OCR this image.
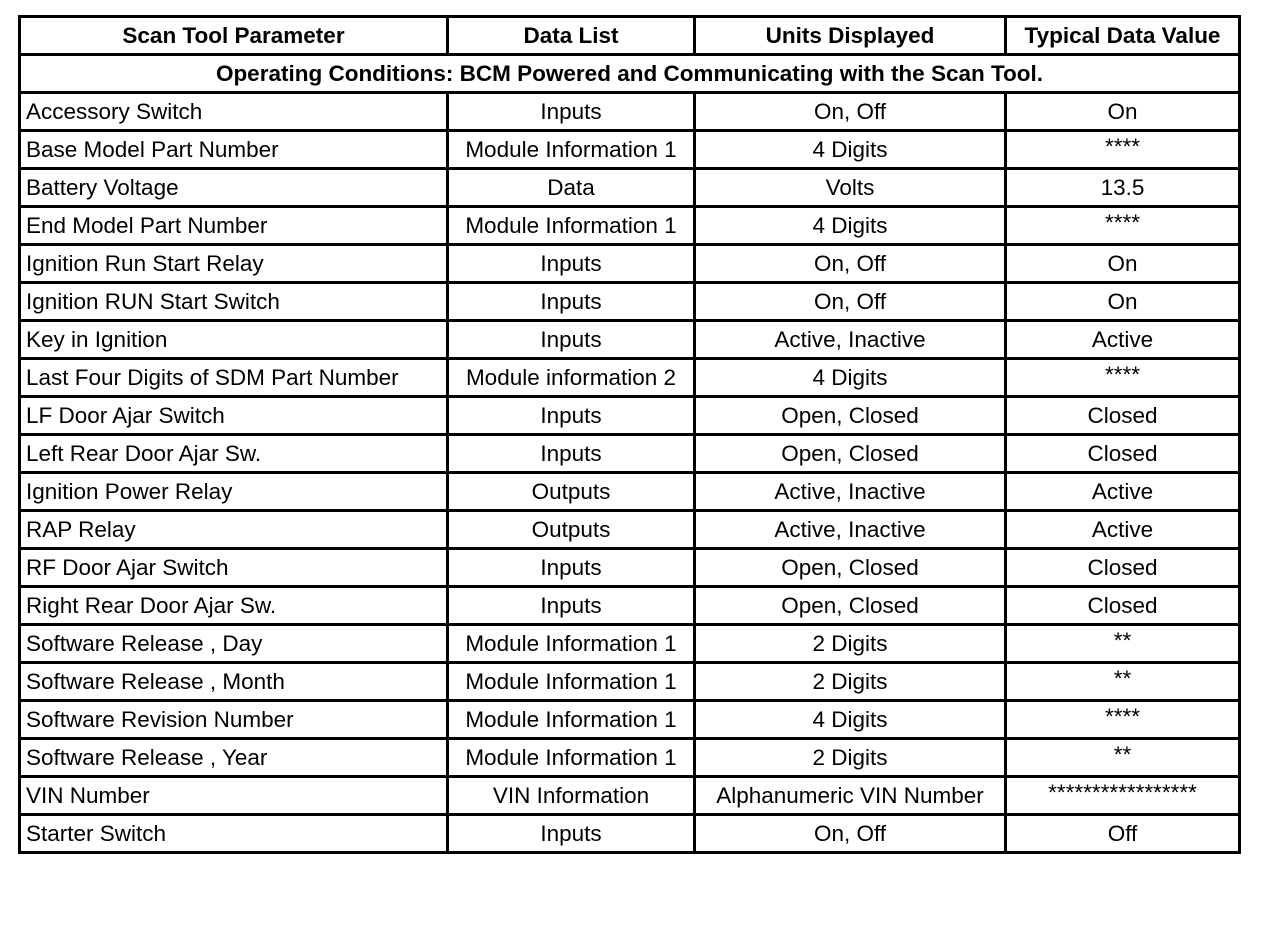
Scan Tool Parameter	Data List	Units Displayed	Typical Data Value
Operating Conditions: BCM Powered and Communicating with the Scan Tool.			
Accessory Switch	Inputs	On, Off	On
Base Model Part Number	Module Information 1	4 Digits	****
Battery Voltage	Data	Volts	13.5
End Model Part Number	Module Information 1	4 Digits	****
Ignition Run Start Relay	Inputs	On, Off	On
Ignition RUN Start Switch	Inputs	On, Off	On
Key in Ignition	Inputs	Active, Inactive	Active
Last Four Digits of SDM Part Number	Module information 2	4 Digits	****
LF Door Ajar Switch	Inputs	Open, Closed	Closed
Left Rear Door Ajar Sw.	Inputs	Open, Closed	Closed
Ignition Power Relay	Outputs	Active, Inactive	Active
RAP Relay	Outputs	Active, Inactive	Active
RF Door Ajar Switch	Inputs	Open, Closed	Closed
Right Rear Door Ajar Sw.	Inputs	Open, Closed	Closed
Software Release , Day	Module Information 1	2 Digits	**
Software Release , Month	Module Information 1	2 Digits	**
Software Revision Number	Module Information 1	4 Digits	****
Software Release , Year	Module Information 1	2 Digits	**
VIN Number	VIN Information	Alphanumeric VIN Number	*****************
Starter Switch	Inputs	On, Off	Off
